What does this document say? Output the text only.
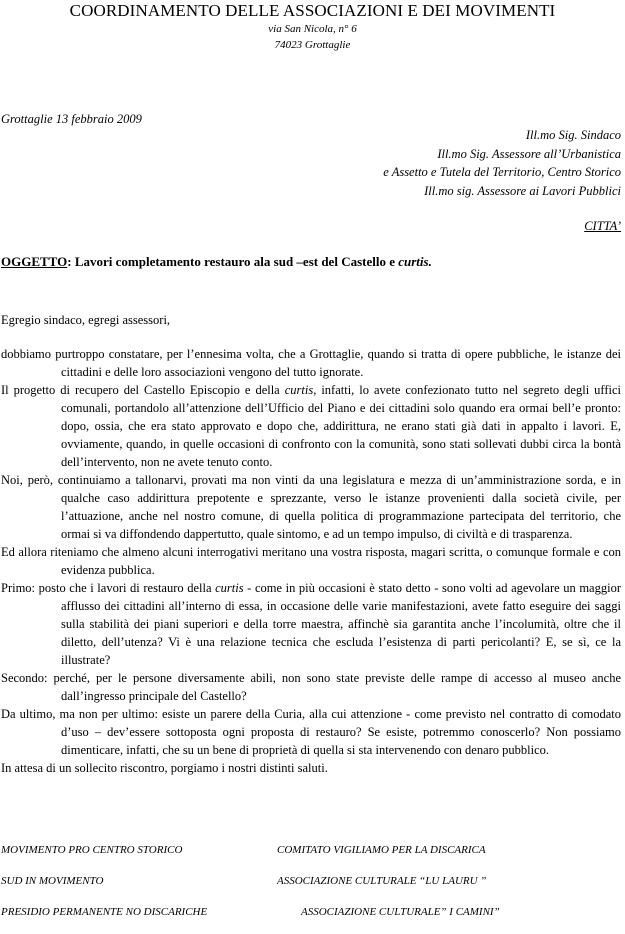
COORDINAMENTO DELLE ASSOCIAZIONI E DEI MOVIMENTI
via San Nicola, n° 6
74023 Grottaglie
Grottaglie 13 febbraio 2009
Ill.mo Sig. Sindaco
Ill.mo Sig. Assessore all’Urbanistica
e Assetto e Tutela del Territorio, Centro Storico
Ill.mo sig. Assessore ai Lavori Pubblici
CITTA’
OGGETTO: Lavori completamento restauro ala sud –est del Castello e curtis.
Egregio sindaco, egregi assessori,

dobbiamo purtroppo constatare, per l’ennesima volta, che a Grottaglie, quando si tratta di opere pubbliche, le istanze dei cittadini e delle loro associazioni vengono del tutto ignorate.

Il progetto di recupero del Castello Episcopio e della curtis, infatti, lo avete confezionato tutto nel segreto degli uffici comunali, portandolo all’attenzione dell’Ufficio del Piano e dei cittadini solo quando era ormai bell’e pronto: dopo, ossia, che era stato approvato e dopo che, addirittura, ne erano stati già dati in appalto i lavori. E, ovviamente, quando, in quelle occasioni di confronto con la comunità, sono stati sollevati dubbi circa la bontà dell’intervento, non ne avete tenuto conto.

Noi, però, continuiamo a tallonarvi, provati ma non vinti da una legislatura e mezza di un’amministrazione sorda, e in qualche caso addirittura prepotente e sprezzante, verso le istanze provenienti dalla società civile, per l’attuazione, anche nel nostro comune, di quella politica di programmazione partecipata del territorio, che ormai si va diffondendo dappertutto, quale sintomo, e ad un tempo impulso, di civiltà e di trasparenza.

Ed allora riteniamo che almeno alcuni interrogativi meritano una vostra risposta, magari scritta, o comunque formale e con evidenza pubblica.

Primo: posto che i lavori di restauro della curtis - come in più occasioni è stato detto - sono volti ad agevolare un maggior afflusso dei cittadini all’interno di essa, in occasione delle varie manifestazioni, avete fatto eseguire dei saggi sulla stabilità dei piani superiori e della torre maestra, affinchè sia garantita anche l’incolumità, oltre che il diletto, dell’utenza? Vi è una relazione tecnica che escluda l’esistenza di parti pericolanti? E, se sì, ce la illustrate?

Secondo: perché, per le persone diversamente abili, non sono state previste delle rampe di accesso al museo anche dall’ingresso principale del Castello?

Da ultimo, ma non per ultimo: esiste un parere della Curia, alla cui attenzione - come previsto nel contratto di comodato d’uso – dev’essere sottoposta ogni proposta di restauro? Se esiste, potremmo conoscerlo? Non possiamo dimenticare, infatti, che su un bene di proprietà di quella si sta intervenendo con denaro pubblico.

In attesa di un sollecito riscontro, porgiamo i nostri distinti saluti.

MOVIMENTO PRO CENTRO STORICO	COMITATO VIGILIAMO PER LA DISCARICA
SUD IN MOVIMENTO	ASSOCIAZIONE CULTURALE “LU LAURU ”
PRESIDIO PERMANENTE NO DISCARICHE	ASSOCIAZIONE CULTURALE” I CAMINI”
